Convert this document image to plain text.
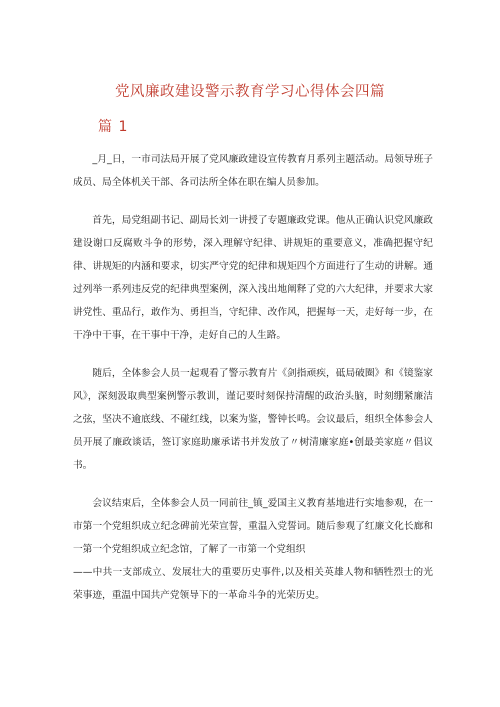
党风廉政建设警示教育学习心得体会四篇
篇 1

_月_日，一市司法局开展了党风廉政建设宣传教育月系列主题活动。局领导班子成员、局全体机关干部、各司法所全体在职在编人员参加。

首先，局党组副书记、副局长刘一讲授了专题廉政党课。他从正确认识党风廉政建设谢口反腐败斗争的形势，深入理解守纪律、讲规矩的重要意义，准确把握守纪律、讲规矩的内涵和要求，切实严守党的纪律和规矩四个方面进行了生动的讲解。通过列举一系列违反党的纪律典型案例，深入浅出地阐释了党的六大纪律，并要求大家讲党性、重品行，敢作为、勇担当，守纪律、改作风，把握每一天，走好每一步，在干净中干事，在干事中干净，走好自己的人生路。

随后，全体参会人员一起观看了警示教育片《剑指顽疾，砥局破圈》和《镜鉴家风》，深刻汲取典型案例警示教训，谨记要时刻保持清醒的政治头脑，时刻绷紧廉洁之弦，坚决不逾底线、不碰红线，以案为鉴，警钟长鸣。会议最后，组织全体参会人员开展了廉政谈话，签订家庭助廉承诺书并发放了〃树清廉家庭•创最美家庭〃倡议书。

会议结束后，全体参会人员一同前往_镇_爱国主义教育基地进行实地参观，在一市第一个党组织成立纪念碑前光荣宣誓，重温入党誓词。随后参观了红廉文化长廊和一第一个党组织成立纪念馆，了解了一市第一个党组织

——中共一支部成立、发展壮大的重要历史事件,以及相关英雄人物和牺牲烈士的光荣事迹，重温中国共产党领导下的一革命斗争的光荣历史。
